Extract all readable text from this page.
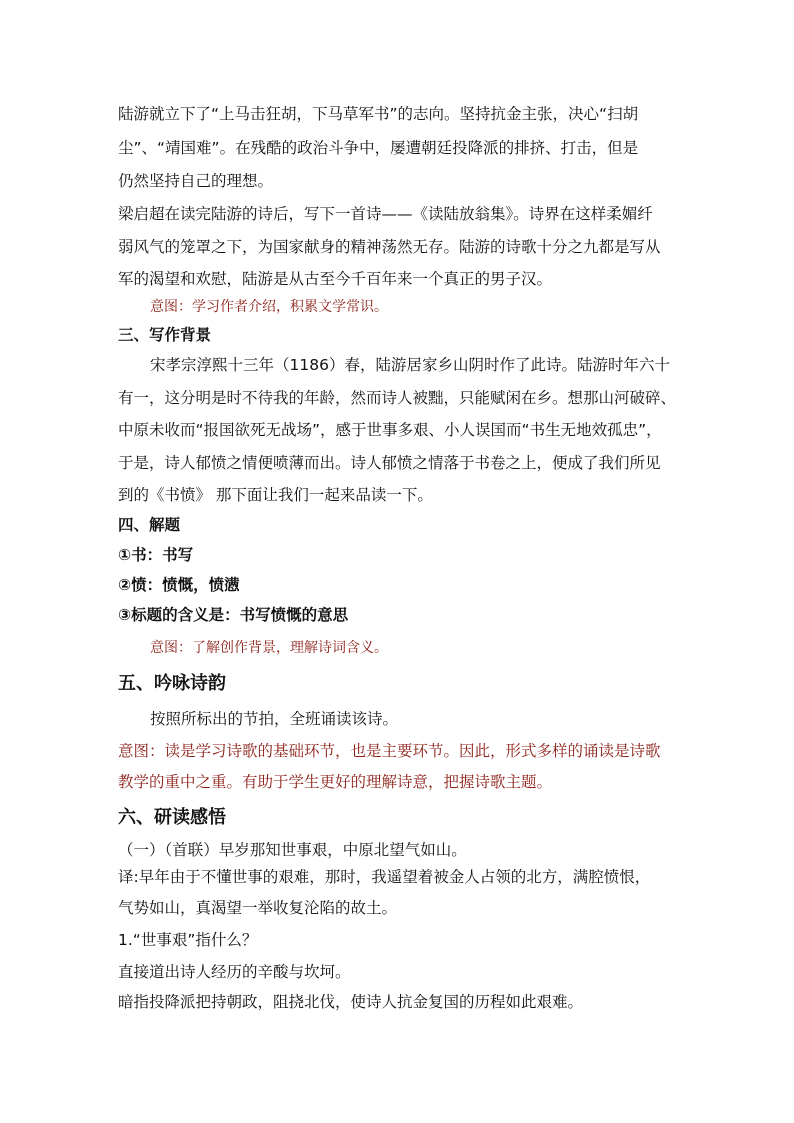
陆游就立下了“上马击狂胡，下马草军书”的志向。坚持抗金主张，决心“扫胡
尘”、“靖国难”。在残酷的政治斗争中，屡遭朝廷投降派的排挤、打击，但是
仍然坚持自己的理想。
梁启超在读完陆游的诗后，写下一首诗——《读陆放翁集》。诗界在这样柔媚纤
弱风气的笼罩之下，为国家献身的精神荡然无存。陆游的诗歌十分之九都是写从
军的渴望和欢慰，陆游是从古至今千百年来一个真正的男子汉。
意图：学习作者介绍，积累文学常识。
三、写作背景
宋孝宗淳熙十三年（1186）春，陆游居家乡山阴时作了此诗。陆游时年六十
有一，这分明是时不待我的年龄，然而诗人被黜，只能赋闲在乡。想那山河破碎、
中原未收而“报国欲死无战场”，感于世事多艰、小人误国而“书生无地效孤忠”，
于是，诗人郁愤之情便喷薄而出。诗人郁愤之情落于书卷之上，便成了我们所见
到的《书愤》 那下面让我们一起来品读一下。
四、解题
①书：书写
②愤：愤慨，愤懑
③标题的含义是：书写愤慨的意思
意图：了解创作背景，理解诗词含义。
五、吟咏诗韵
按照所标出的节拍，全班诵读该诗。
意图：读是学习诗歌的基础环节，也是主要环节。因此，形式多样的诵读是诗歌
教学的重中之重。有助于学生更好的理解诗意，把握诗歌主题。
六、研读感悟
（一）（首联）早岁那知世事艰，中原北望气如山。
译:早年由于不懂世事的艰难，那时，我遥望着被金人占领的北方，满腔愤恨，
气势如山，真渴望一举收复沦陷的故土。
1.“世事艰”指什么？
直接道出诗人经历的辛酸与坎坷。
暗指投降派把持朝政，阻挠北伐，使诗人抗金复国的历程如此艰难。
